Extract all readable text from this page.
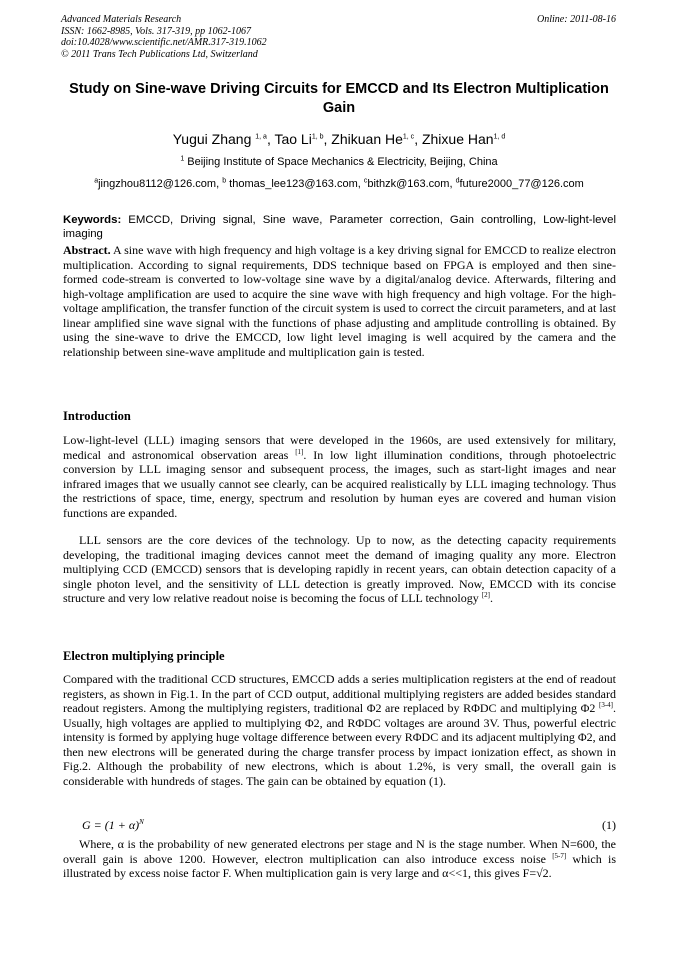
Advanced Materials Research
ISSN: 1662-8985, Vols. 317-319, pp 1062-1067
doi:10.4028/www.scientific.net/AMR.317-319.1062
© 2011 Trans Tech Publications Ltd, Switzerland
Online: 2011-08-16
Study on Sine-wave Driving Circuits for EMCCD and Its Electron Multiplication Gain
Yugui Zhang $^{1, a}$, Tao Li$^{1, b}$, Zhikuan He$^{1, c}$, Zhixue Han$^{1, d}$
$^1$ Beijing Institute of Space Mechanics & Electricity, Beijing, China
$^a$jingzhou8112@126.com, $^b$ thomas_lee123@163.com, $^c$bithzk@163.com, $^d$future2000_77@126.com
Keywords: EMCCD, Driving signal, Sine wave, Parameter correction, Gain controlling, Low-light-level imaging
Abstract. A sine wave with high frequency and high voltage is a key driving signal for EMCCD to realize electron multiplication. According to signal requirements, DDS technique based on FPGA is employed and then sine-formed code-stream is converted to low-voltage sine wave by a digital/analog device. Afterwards, filtering and high-voltage amplification are used to acquire the sine wave with high frequency and high voltage. For the high-voltage amplification, the transfer function of the circuit system is used to correct the circuit parameters, and at last linear amplified sine wave signal with the functions of phase adjusting and amplitude controlling is obtained. By using the sine-wave to drive the EMCCD, low light level imaging is well acquired by the camera and the relationship between sine-wave amplitude and multiplication gain is tested.
Introduction
Low-light-level (LLL) imaging sensors that were developed in the 1960s, are used extensively for military, medical and astronomical observation areas [1]. In low light illumination conditions, through photoelectric conversion by LLL imaging sensor and subsequent process, the images, such as start-light images and near infrared images that we usually cannot see clearly, can be acquired realistically by LLL imaging technology. Thus the restrictions of space, time, energy, spectrum and resolution by human eyes are covered and human vision functions are expanded.
LLL sensors are the core devices of the technology. Up to now, as the detecting capacity requirements developing, the traditional imaging devices cannot meet the demand of imaging quality any more. Electron multiplying CCD (EMCCD) sensors that is developing rapidly in recent years, can obtain detection capacity of a single photon level, and the sensitivity of LLL detection is greatly improved. Now, EMCCD with its concise structure and very low relative readout noise is becoming the focus of LLL technology [2].
Electron multiplying principle
Compared with the traditional CCD structures, EMCCD adds a series multiplication registers at the end of readout registers, as shown in Fig.1. In the part of CCD output, additional multiplying registers are added besides standard readout registers. Among the multiplying registers, traditional Φ2 are replaced by RΦDC and multiplying Φ2 [3-4]. Usually, high voltages are applied to multiplying Φ2, and RΦDC voltages are around 3V. Thus, powerful electric intensity is formed by applying huge voltage difference between every RΦDC and its adjacent multiplying Φ2, and then new electrons will be generated during the charge transfer process by impact ionization effect, as shown in Fig.2. Although the probability of new electrons, which is about 1.2%, is very small, the overall gain is considerable with hundreds of stages. The gain can be obtained by equation (1).
$G = (1 + \alpha)^N$	(1)
Where, α is the probability of new generated electrons per stage and N is the stage number. When N=600, the overall gain is above 1200. However, electron multiplication can also introduce excess noise [5-7] which is illustrated by excess noise factor F. When multiplication gain is very large and α<<1, this gives F=√2.
